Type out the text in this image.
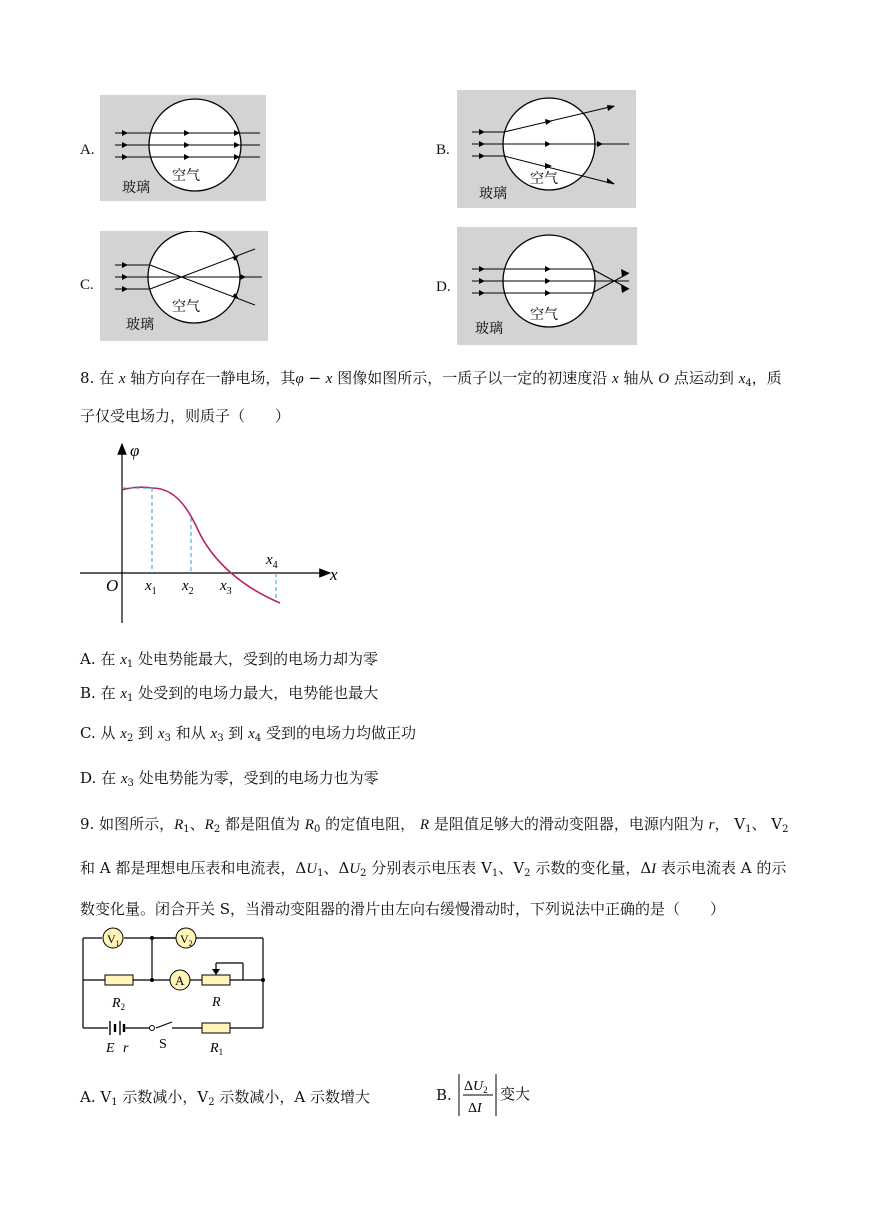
A.
空气
玻璃
B.
空气
玻璃
C.
空气
玻璃
D.
空气
玻璃
8. 在 x 轴方向存在一静电场，其φ − x 图像如图所示，一质子以一定的初速度沿 x 轴从 O 点运动到 $x_4$，质
子仅受电场力，则质子（　　）
φ
x
O $x_1$ $x_2$ $x_3$
$x_4$
A. 在 $x_1$ 处电势能最大，受到的电场力却为零
B. 在 $x_1$ 处受到的电场力最大，电势能也最大
C. 从 $x_2$ 到 $x_3$ 和从 $x_3$ 到 $x_4$ 受到的电场力均做正功
D. 在 $x_3$ 处电势能为零，受到的电场力也为零
9. 如图所示，$R_1$、$R_2$ 都是阻值为 $R_0$ 的定值电阻， R 是阻值足够大的滑动变阻器，电源内阻为 r， $V_1$、 $V_2$
和 A 都是理想电压表和电流表，$\Delta U_1$、$\Delta U_2$ 分别表示电压表 $V_1$、$V_2$ 示数的变化量，ΔI 表示电流表 A 的示
数变化量。闭合开关 S，当滑动变阻器的滑片由左向右缓慢滑动时，下列说法中正确的是（　　）
$V_1$	$V_2$
A
$R_2$	R
E r S	$R_1$
A. $V_1$ 示数减小，$V_2$ 示数减小，A 示数增大	B. $\Delta U_2$
ΔI
变大
